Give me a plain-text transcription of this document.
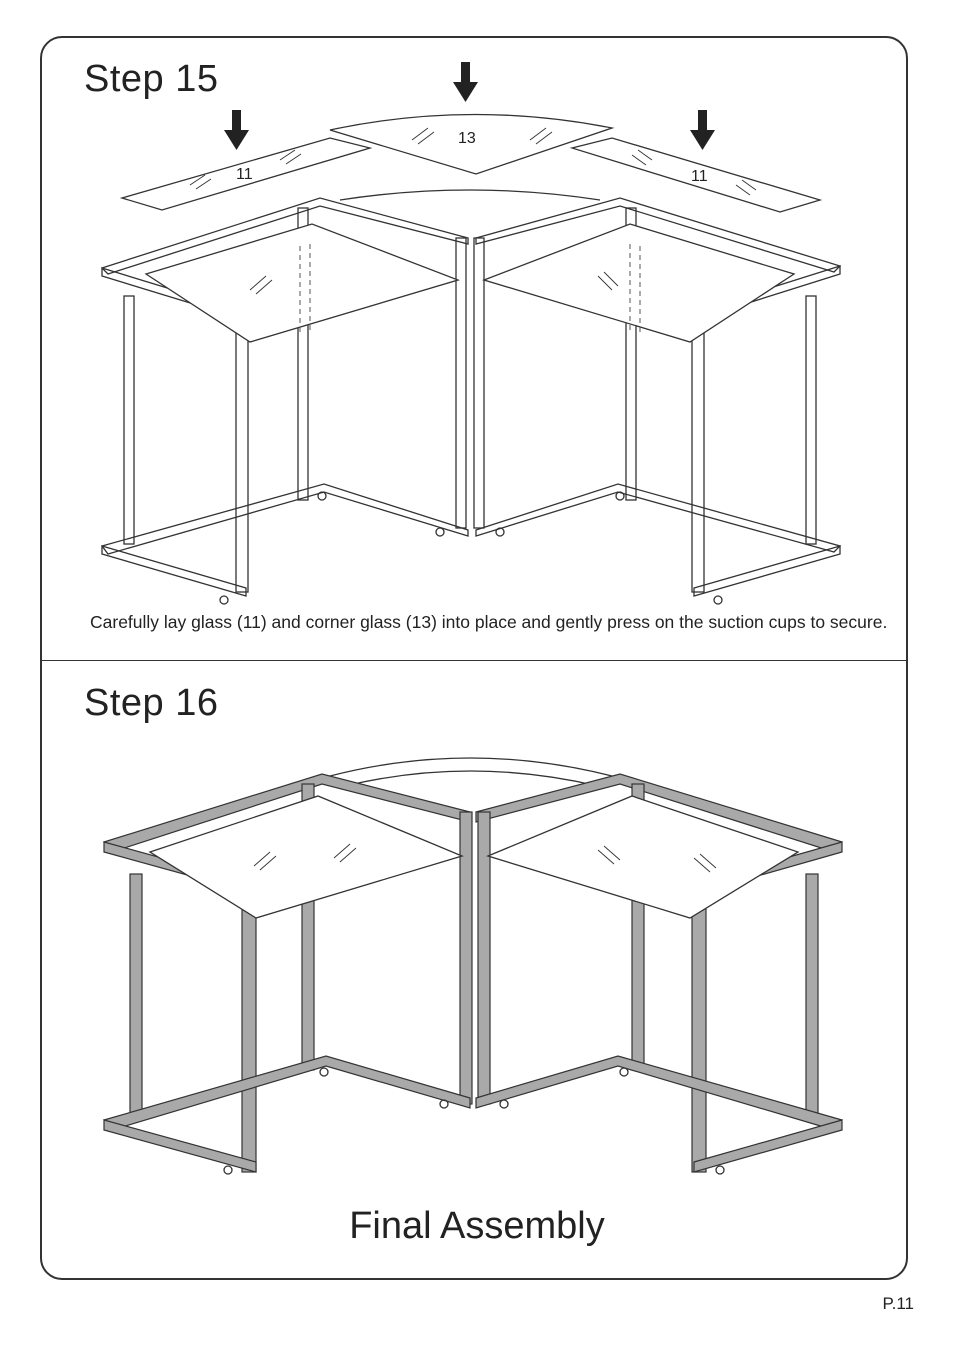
Step 15
11
13
11
Carefully lay glass (11) and corner glass (13) into place and gently press on the suction cups to secure.
Step 16
Final Assembly
P.11
